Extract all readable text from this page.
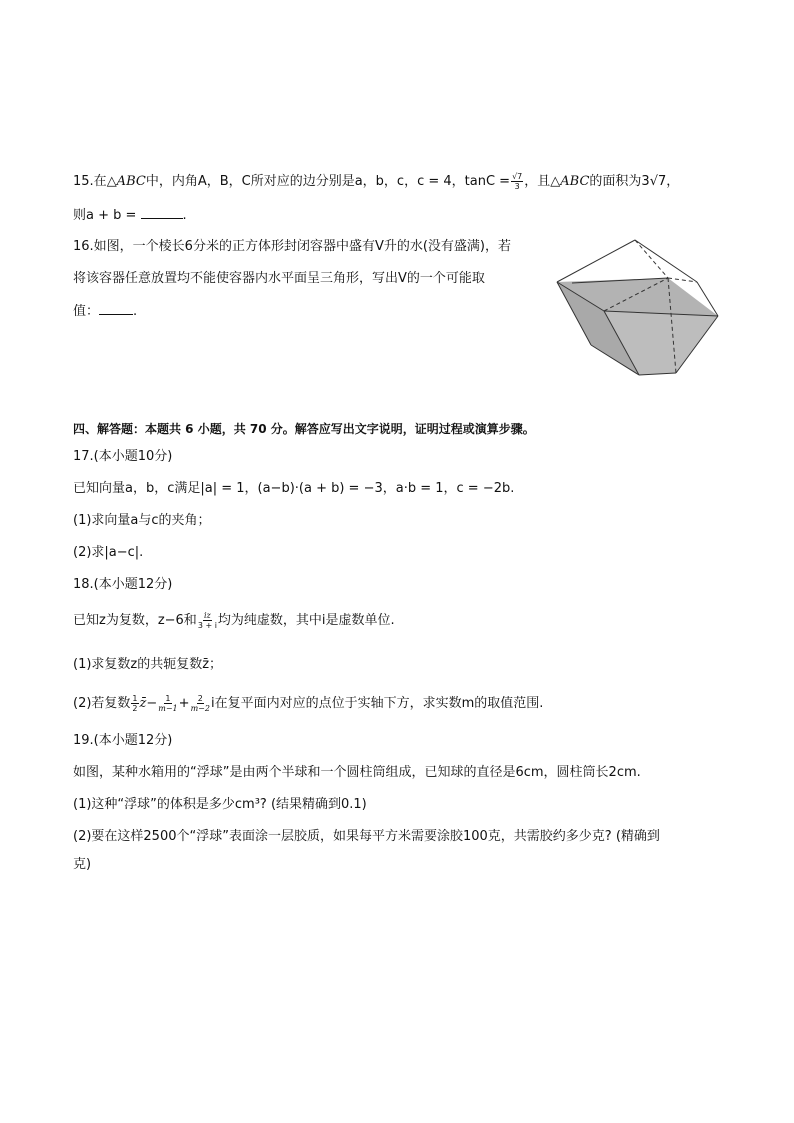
15.在△ABC中，内角A，B，C所对应的边分别是a，b，c，c = 4，$\tan C = \frac{√7}{3}$ ，且△ABC的面积为3√7，
则a + b =	.
16.如图，一个棱长6分米的正方体形封闭容器中盛有V升的水(没有盛满)，若
将该容器任意放置均不能使容器内水平面呈三角形，写出V的一个可能取
值：	.
四、解答题：本题共 6 小题，共 70 分。解答应写出文字说明，证明过程或演算步骤。
17.(本小题10分)
已知向量a，b，c满足|a| = 1，(a−b)·(a + b) = −3，a·b = 1，c = −2b.
(1)求向量a与c的夹角；
(2)求|a−c|.
18.(本小题12分)
已知z为复数，z−6和 $\frac{iz}{3 + i}$ 均为纯虚数，其中i是虚数单位.
(1)求复数z的共轭复数z̄；
(2)若复数 $\frac{1}{2}$ z̄− $\frac{1}{m-1} + \frac{2}{m-2}$ i在复平面内对应的点位于实轴下方，求实数m的取值范围.
19.(本小题12分)
如图，某种水箱用的“浮球”是由两个半球和一个圆柱筒组成，已知球的直径是6cm，圆柱筒长2cm.
(1)这种“浮球”的体积是多少cm³? (结果精确到0.1)
(2)要在这样2500个“浮球”表面涂一层胶质，如果每平方米需要涂胶100克，共需胶约多少克? (精确到
克)
